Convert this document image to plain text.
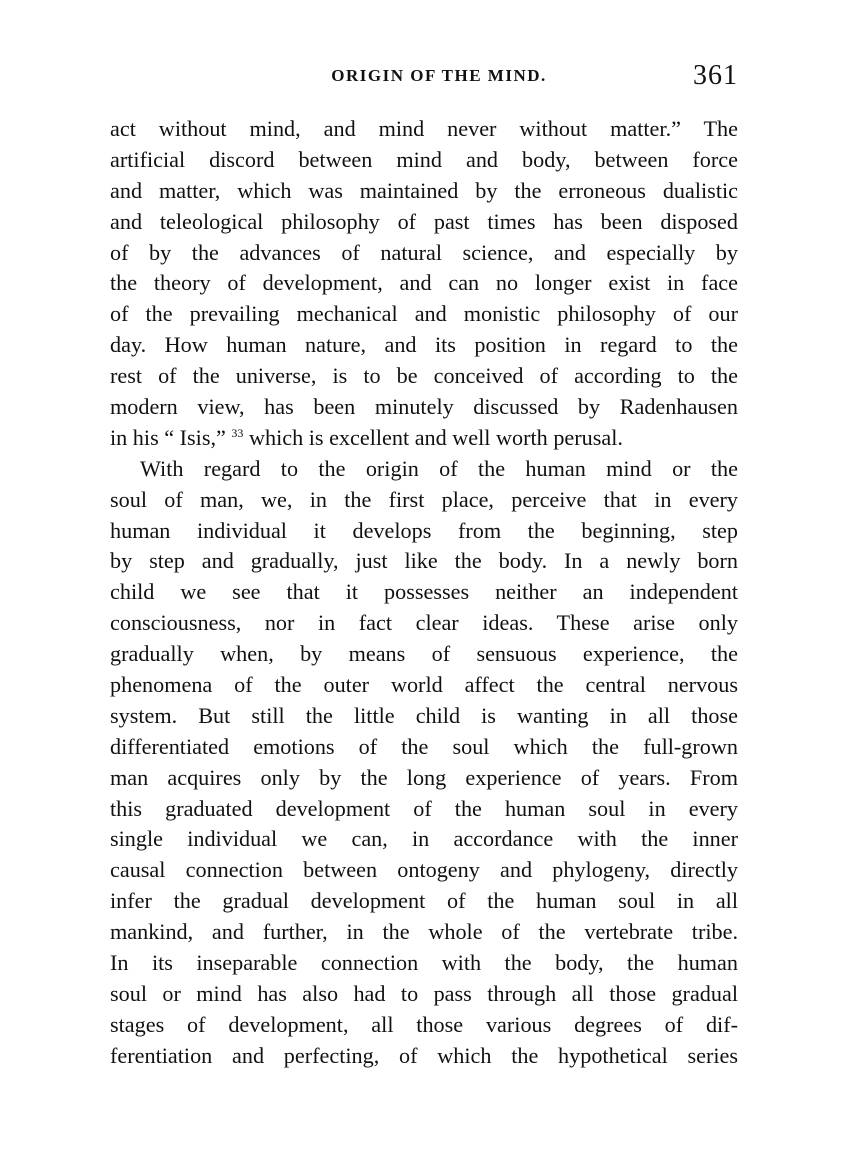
ORIGIN OF THE MIND.	361
act without mind, and mind never without matter.” The
artificial discord between mind and body, between force
and matter, which was maintained by the erroneous dualistic
and teleological philosophy of past times has been disposed
of by the advances of natural science, and especially by
the theory of development, and can no longer exist in face
of the prevailing mechanical and monistic philosophy of our
day. How human nature, and its position in regard to the
rest of the universe, is to be conceived of according to the
modern view, has been minutely discussed by Radenhausen
in his “ Isis,” $^{33}$ which is excellent and well worth perusal.
With regard to the origin of the human mind or the
soul of man, we, in the first place, perceive that in every
human individual it develops from the beginning, step
by step and gradually, just like the body. In a newly born
child we see that it possesses neither an independent
consciousness, nor in fact clear ideas. These arise only
gradually when, by means of sensuous experience, the
phenomena of the outer world affect the central nervous
system. But still the little child is wanting in all those
differentiated emotions of the soul which the full-grown
man acquires only by the long experience of years. From
this graduated development of the human soul in every
single individual we can, in accordance with the inner
causal connection between ontogeny and phylogeny, directly
infer the gradual development of the human soul in all
mankind, and further, in the whole of the vertebrate tribe.
In its inseparable connection with the body, the human
soul or mind has also had to pass through all those gradual
stages of development, all those various degrees of dif-
ferentiation and perfecting, of which the hypothetical series
